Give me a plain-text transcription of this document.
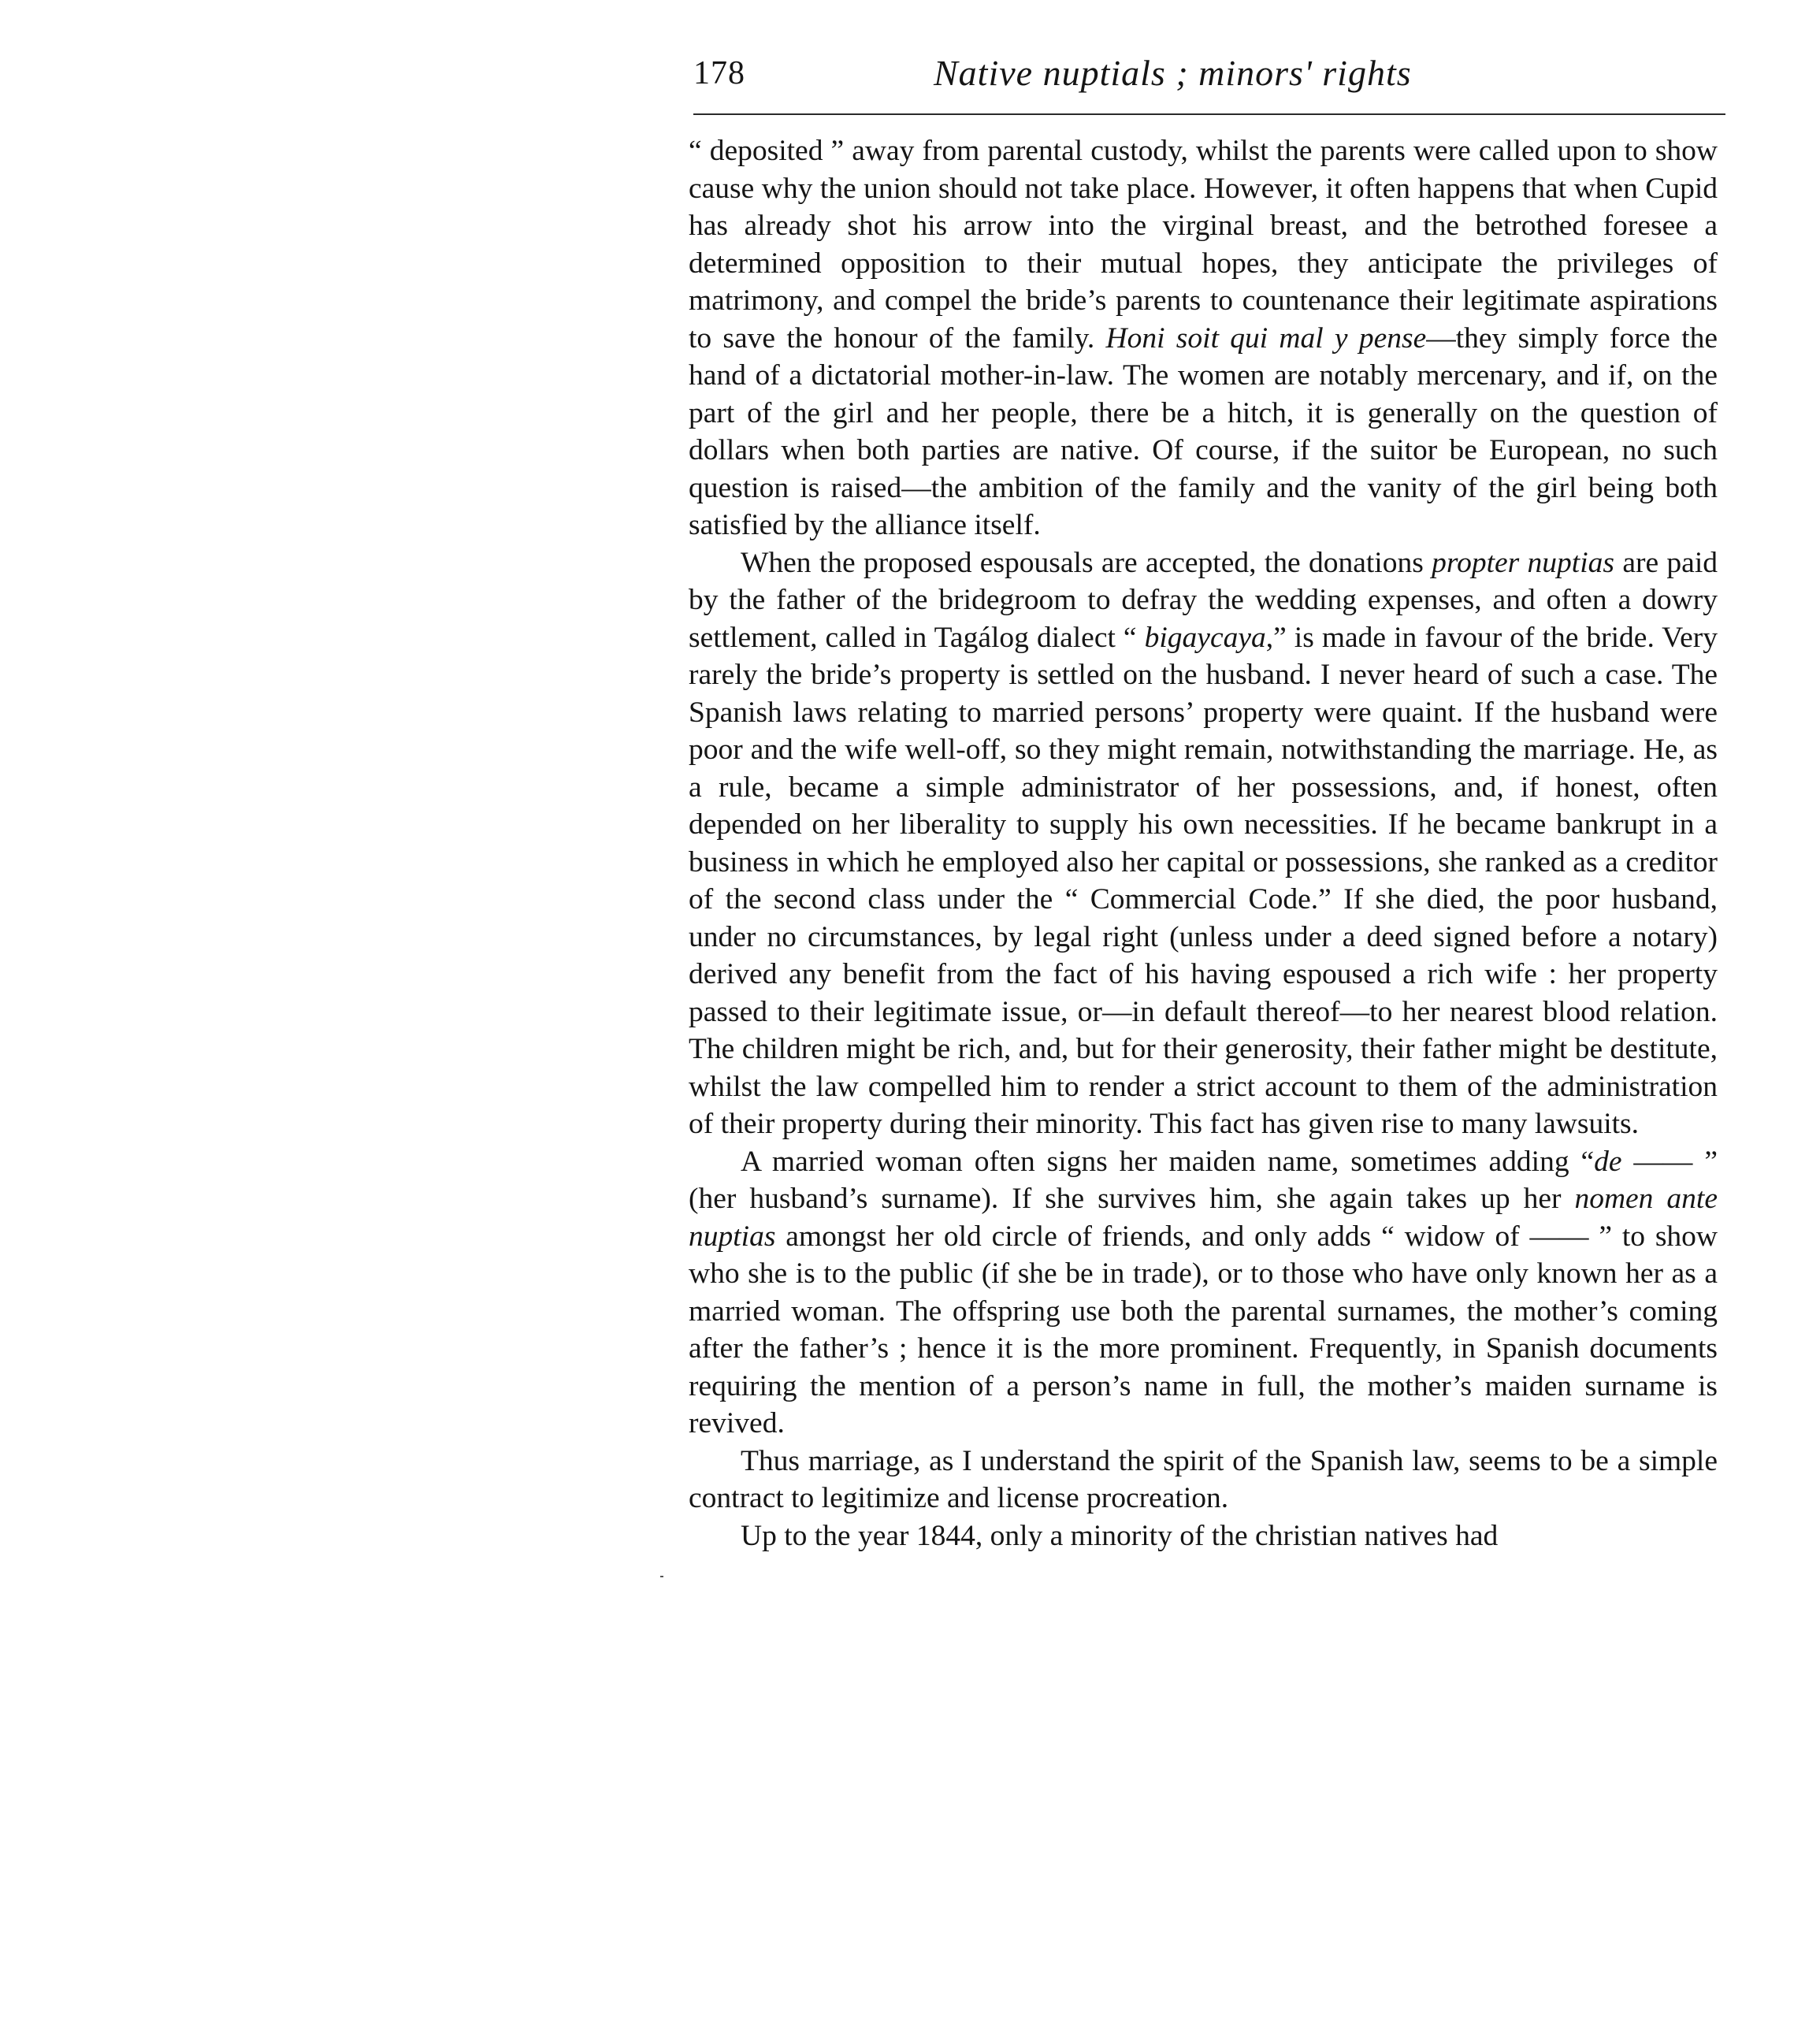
178	Native nuptials ; minors' rights

“ deposited ” away from parental custody, whilst the parents were called upon to show cause why the union should not take place. However, it often happens that when Cupid has already shot his arrow into the virginal breast, and the betrothed foresee a determined opposition to their mutual hopes, they anticipate the privileges of matrimony, and compel the bride’s parents to countenance their legitimate aspirations to save the honour of the family. Honi soit qui mal y pense—they simply force the hand of a dictatorial mother-in-law. The women are notably mercenary, and if, on the part of the girl and her people, there be a hitch, it is generally on the question of dollars when both parties are native. Of course, if the suitor be European, no such question is raised—the ambition of the family and the vanity of the girl being both satisfied by the alliance itself.

When the proposed espousals are accepted, the donations propter nuptias are paid by the father of the bridegroom to defray the wedding expenses, and often a dowry settlement, called in Tagálog dialect “ bigaycaya,” is made in favour of the bride. Very rarely the bride’s property is settled on the husband. I never heard of such a case. The Spanish laws relating to married persons’ property were quaint. If the husband were poor and the wife well-off, so they might remain, notwithstanding the marriage. He, as a rule, became a simple administrator of her possessions, and, if honest, often depended on her liberality to supply his own necessities. If he became bankrupt in a business in which he employed also her capital or possessions, she ranked as a creditor of the second class under the “ Commercial Code.” If she died, the poor husband, under no circumstances, by legal right (unless under a deed signed before a notary) derived any benefit from the fact of his having espoused a rich wife : her property passed to their legitimate issue, or—in default thereof—to her nearest blood relation. The children might be rich, and, but for their generosity, their father might be destitute, whilst the law compelled him to render a strict account to them of the administration of their property during their minority. This fact has given rise to many lawsuits.

A married woman often signs her maiden name, sometimes adding “de —— ” (her husband’s surname). If she survives him, she again takes up her nomen ante nuptias amongst her old circle of friends, and only adds “ widow of —— ” to show who she is to the public (if she be in trade), or to those who have only known her as a married woman. The offspring use both the parental surnames, the mother’s coming after the father’s ; hence it is the more prominent. Frequently, in Spanish documents requiring the mention of a person’s name in full, the mother’s maiden surname is revived.

Thus marriage, as I understand the spirit of the Spanish law, seems to be a simple contract to legitimize and license procreation.

Up to the year 1844, only a minority of the christian natives had
